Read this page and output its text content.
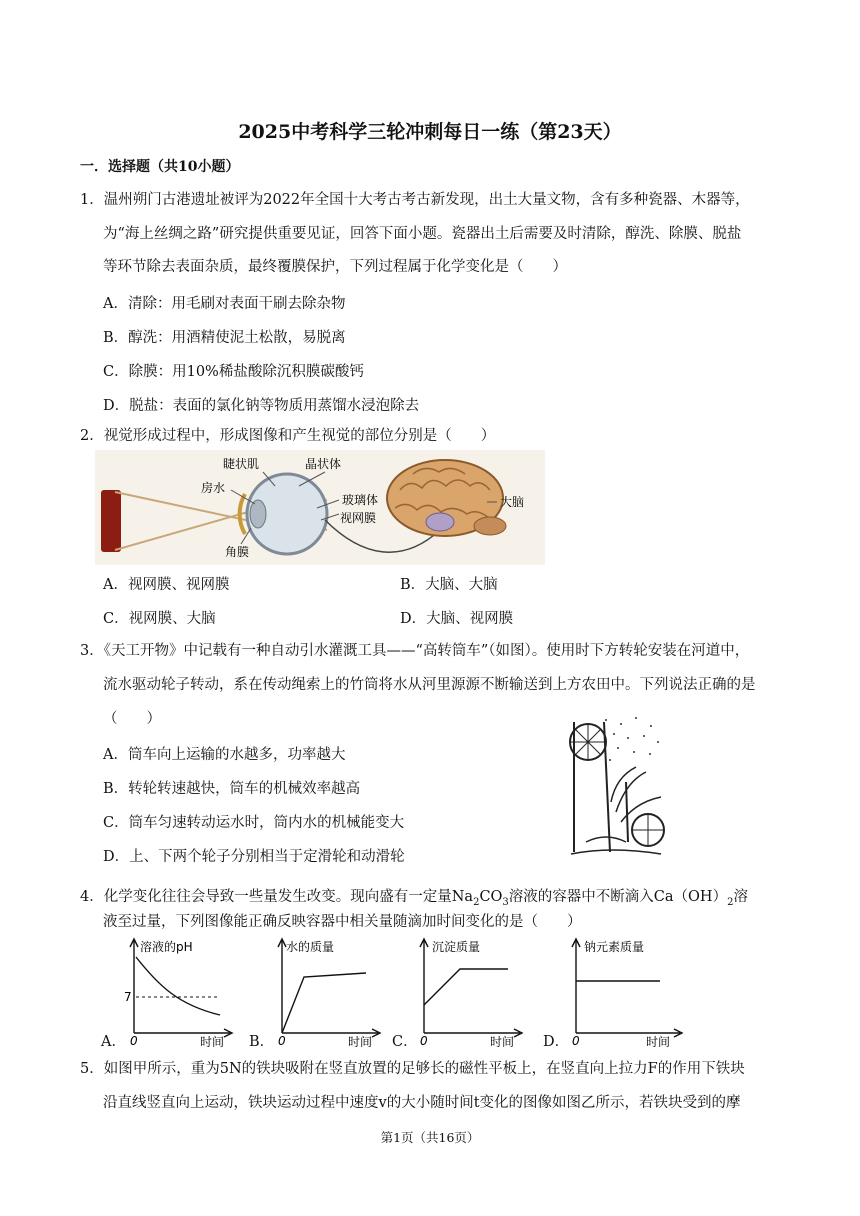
2025中考科学三轮冲刺每日一练（第23天）
一．选择题（共10小题）
1．温州朔门古港遗址被评为2022年全国十大考古考古新发现，出土大量文物，含有多种瓷器、木器等，
为“海上丝绸之路”研究提供重要见证，回答下面小题。瓷器出土后需要及时清除，醇洗、除膜、脱盐
等环节除去表面杂质，最终覆膜保护，下列过程属于化学变化是（　　）
A．清除：用毛刷对表面干刷去除杂物
B．醇洗：用酒精使泥土松散，易脱离
C．除膜：用10%稀盐酸除沉积膜碳酸钙
D．脱盐：表面的氯化钠等物质用蒸馏水浸泡除去
2．视觉形成过程中，形成图像和产生视觉的部位分别是（　　）
睫状肌	晶状体
房水
玻璃体
视网膜
角膜
大脑
A．视网膜、视网膜	B．大脑、大脑
C．视网膜、大脑	D．大脑、视网膜
3．《天工开物》中记载有一种自动引水灌溉工具——“高转筒车”（如图）。使用时下方转轮安装在河道中，
流水驱动轮子转动，系在传动绳索上的竹筒将水从河里源源不断输送到上方农田中。下列说法正确的是
（　　）
A．筒车向上运输的水越多，功率越大
B．转轮转速越快，筒车的机械效率越高
C．筒车匀速转动运水时，筒内水的机械能变大
D．上、下两个轮子分别相当于定滑轮和动滑轮
4．化学变化往往会导致一些量发生改变。现向盛有一定量$Na_2CO_3$溶液的容器中不断滴入$Ca(OH)_2$溶
液至过量，下列图像能正确反映容器中相关量随滴加时间变化的是（　　）
A．
溶液的pH
7
0	时间 B．
水的质量
0	时间 C．
沉淀质量
0	时间 D．
钠元素质量
0	时间
5．如图甲所示，重为5N的铁块吸附在竖直放置的足够长的磁性平板上，在竖直向上拉力F的作用下铁块
沿直线竖直向上运动，铁块运动过程中速度v的大小随时间t变化的图像如图乙所示，若铁块受到的摩
第1页（共16页）
